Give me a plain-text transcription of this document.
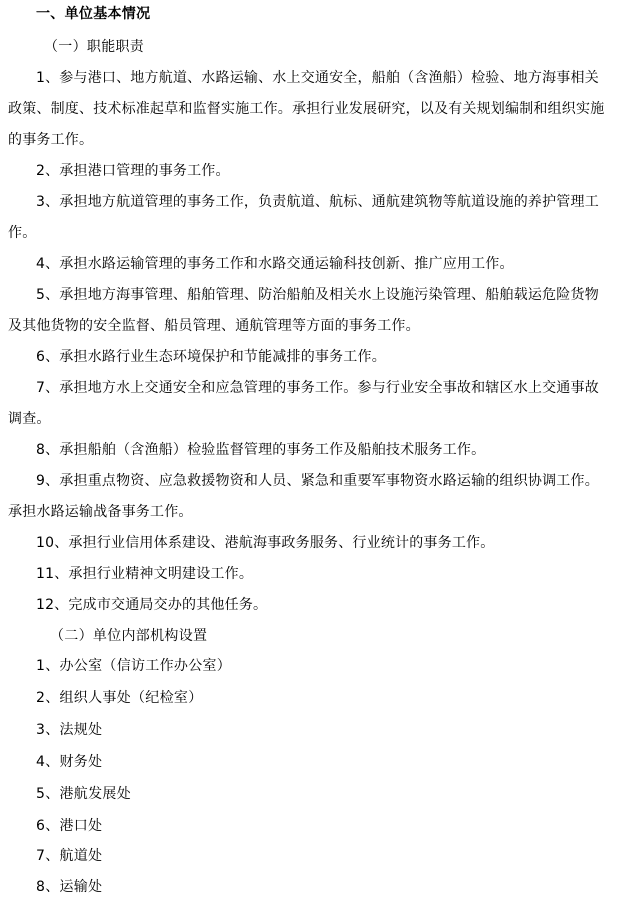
一、单位基本情况
（一）职能职责
1、参与港口、地方航道、水路运输、水上交通安全，船舶（含渔船）检验、地方海事相关政策、制度、技术标准起草和监督实施工作。承担行业发展研究，以及有关规划编制和组织实施的事务工作。
2、承担港口管理的事务工作。
3、承担地方航道管理的事务工作，负责航道、航标、通航建筑物等航道设施的养护管理工作。
4、承担水路运输管理的事务工作和水路交通运输科技创新、推广应用工作。
5、承担地方海事管理、船舶管理、防治船舶及相关水上设施污染管理、船舶载运危险货物及其他货物的安全监督、船员管理、通航管理等方面的事务工作。
6、承担水路行业生态环境保护和节能减排的事务工作。
7、承担地方水上交通安全和应急管理的事务工作。参与行业安全事故和辖区水上交通事故调查。
8、承担船舶（含渔船）检验监督管理的事务工作及船舶技术服务工作。
9、承担重点物资、应急救援物资和人员、紧急和重要军事物资水路运输的组织协调工作。承担水路运输战备事务工作。
10、承担行业信用体系建设、港航海事政务服务、行业统计的事务工作。
11、承担行业精神文明建设工作。
12、完成市交通局交办的其他任务。
（二）单位内部机构设置
1、办公室（信访工作办公室）
2、组织人事处（纪检室）
3、法规处
4、财务处
5、港航发展处
6、港口处
7、航道处
8、运输处
